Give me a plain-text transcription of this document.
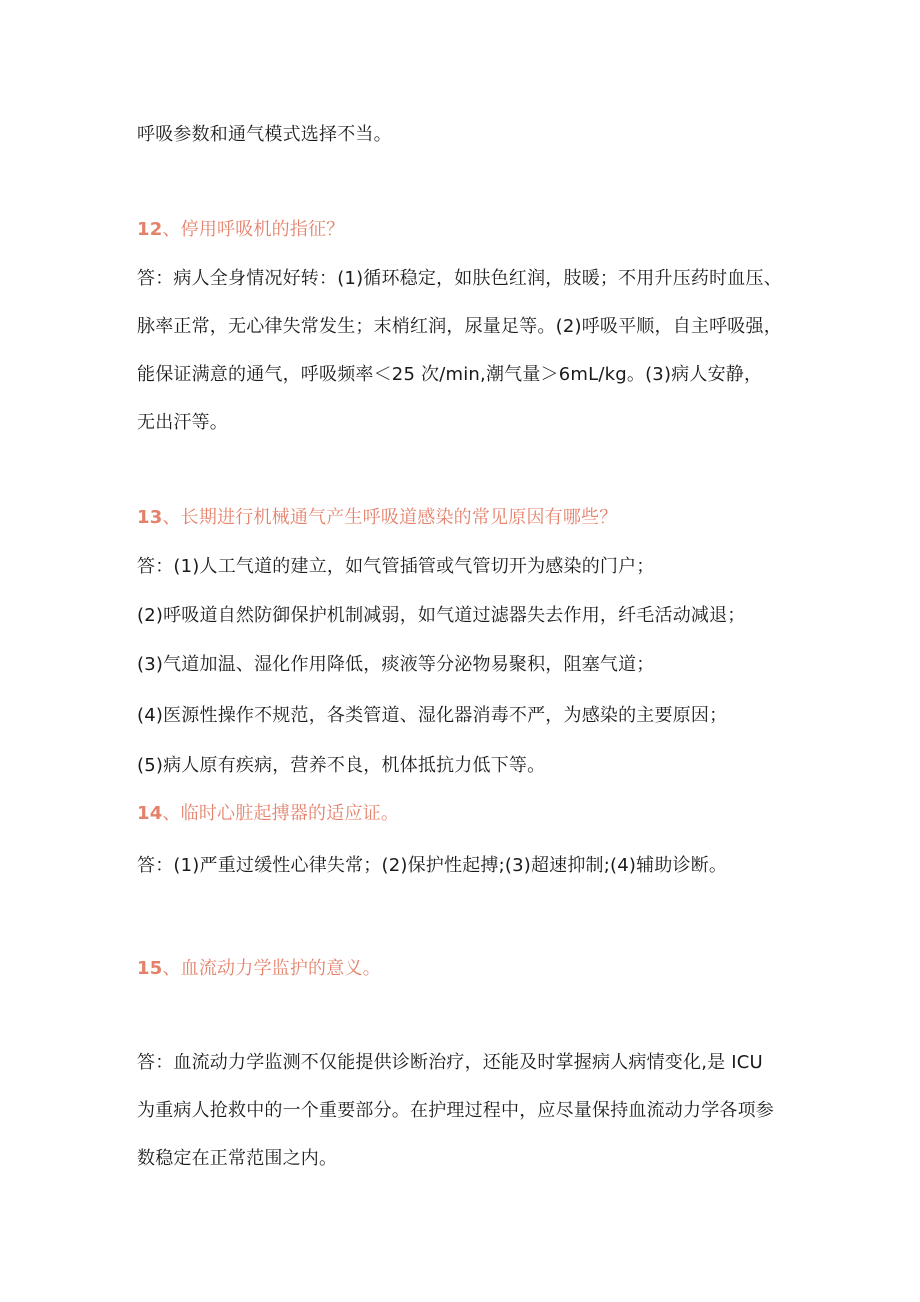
呼吸参数和通气模式选择不当。

12、停用呼吸机的指征？

答：病人全身情况好转：(1)循环稳定，如肤色红润，肢暖；不用升压药时血压、

脉率正常，无心律失常发生；末梢红润，尿量足等。(2)呼吸平顺，自主呼吸强，

能保证满意的通气，呼吸频率＜25 次/min,潮气量＞6mL/kg。(3)病人安静，

无出汗等。

13、长期进行机械通气产生呼吸道感染的常见原因有哪些？

答：(1)人工气道的建立，如气管插管或气管切开为感染的门户；

(2)呼吸道自然防御保护机制减弱，如气道过滤器失去作用，纤毛活动减退；

(3)气道加温、湿化作用降低，痰液等分泌物易聚积，阻塞气道；

(4)医源性操作不规范，各类管道、湿化器消毒不严，为感染的主要原因；

(5)病人原有疾病，营养不良，机体抵抗力低下等。

14、临时心脏起搏器的适应证。

答：(1)严重过缓性心律失常；(2)保护性起搏;(3)超速抑制;(4)辅助诊断。

15、血流动力学监护的意义。

答：血流动力学监测不仅能提供诊断治疗，还能及时掌握病人病情变化,是 ICU

为重病人抢救中的一个重要部分。在护理过程中，应尽量保持血流动力学各项参

数稳定在正常范围之内。
